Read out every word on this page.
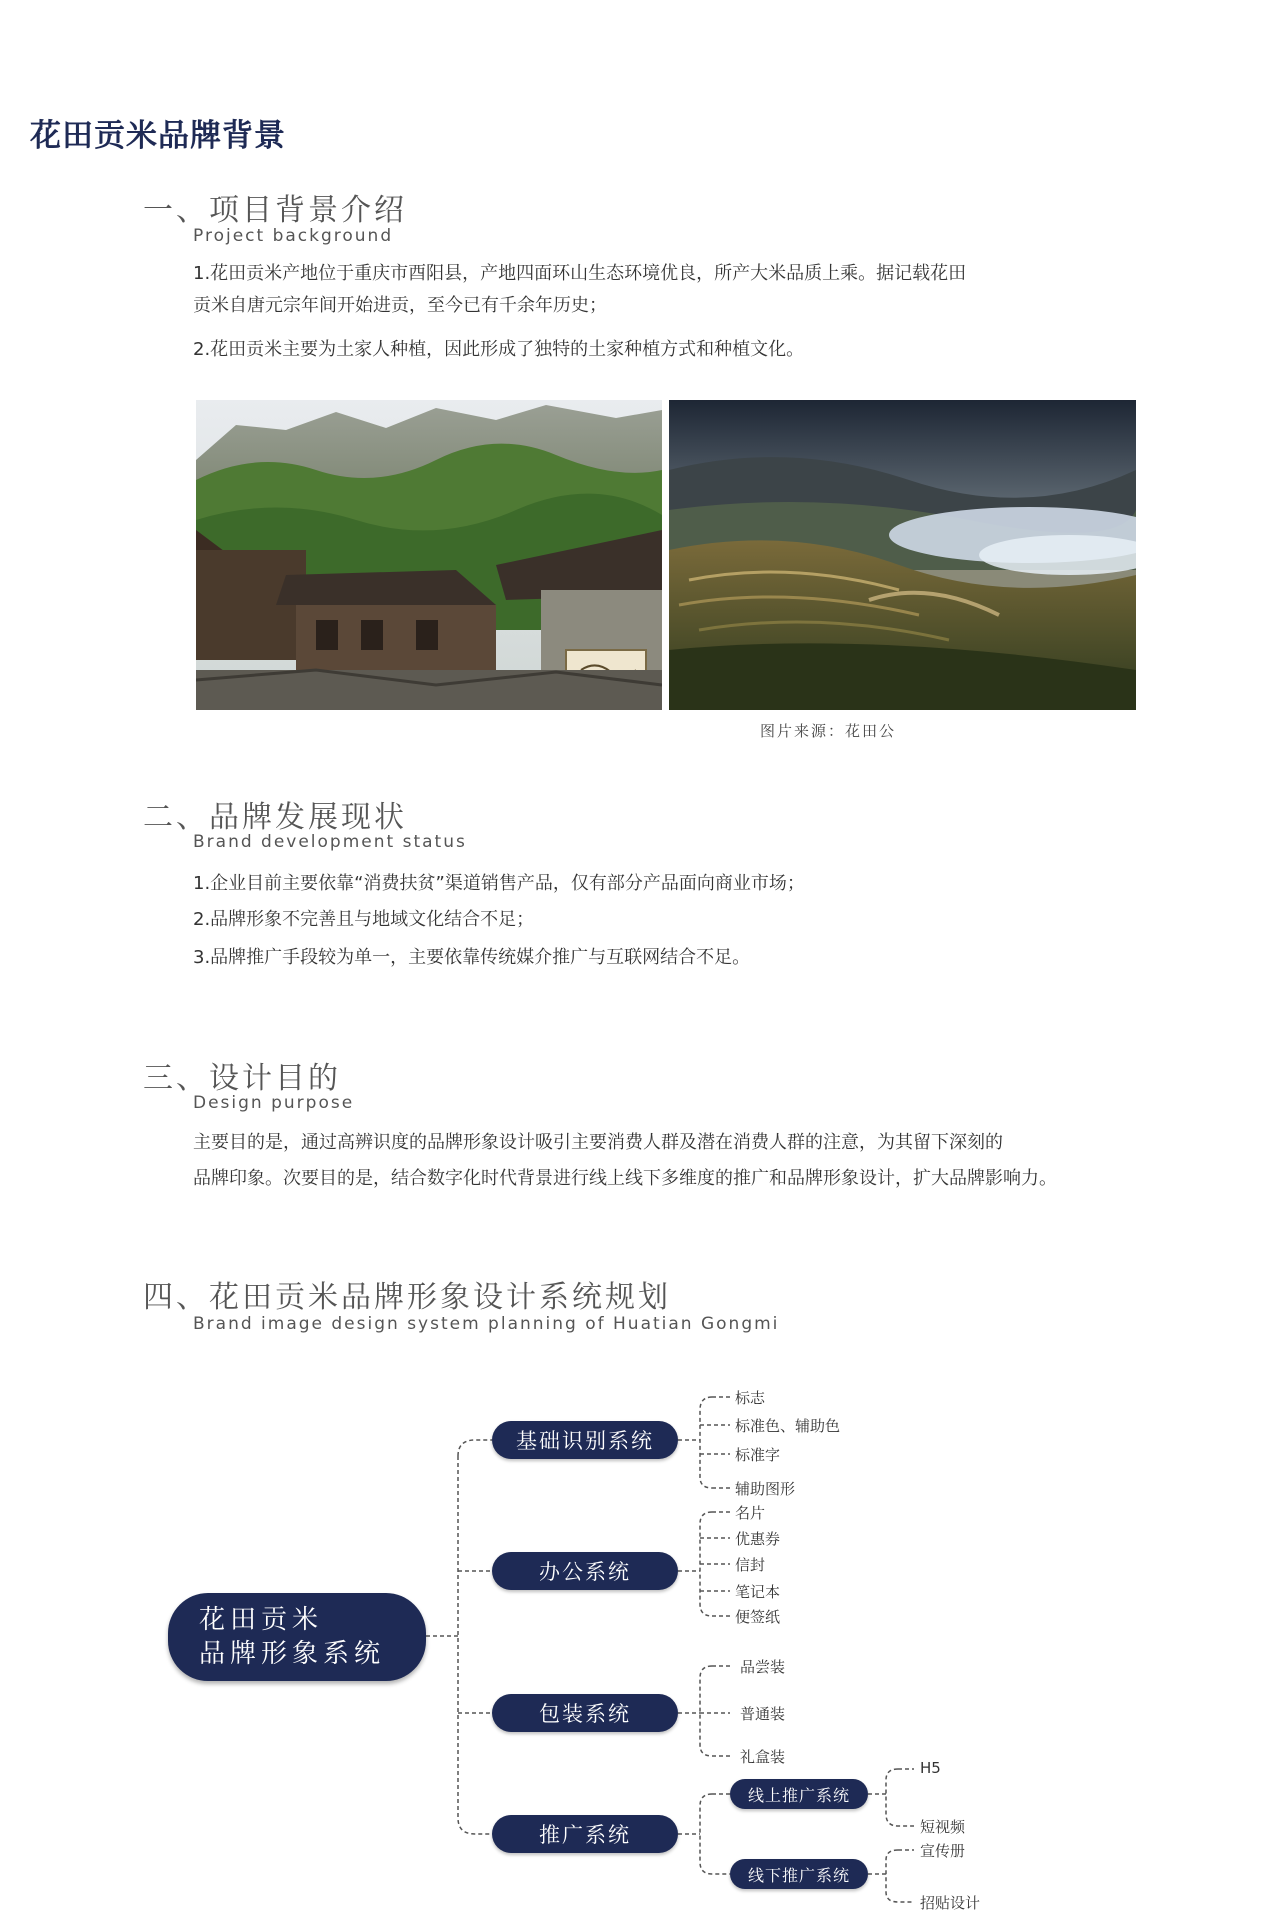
花田贡米品牌背景
一、项目背景介绍
Project background
1.花田贡米产地位于重庆市酉阳县，产地四面环山生态环境优良，所产大米品质上乘。据记载花田
贡米自唐元宗年间开始进贡，至今已有千余年历史；
2.花田贡米主要为土家人种植，因此形成了独特的土家种植方式和种植文化。
图片来源：花田公
二、品牌发展现状
Brand development status
1.企业目前主要依靠“消费扶贫”渠道销售产品，仅有部分产品面向商业市场；
2.品牌形象不完善且与地域文化结合不足；
3.品牌推广手段较为单一，主要依靠传统媒介推广与互联网结合不足。
三、设计目的
Design purpose
主要目的是，通过高辨识度的品牌形象设计吸引主要消费人群及潜在消费人群的注意，为其留下深刻的
品牌印象。次要目的是，结合数字化时代背景进行线上线下多维度的推广和品牌形象设计，扩大品牌影响力。
四、花田贡米品牌形象设计系统规划
Brand image design system planning of Huatian Gongmi
花田贡米
品牌形象系统
基础识别系统
办公系统
包装系统
推广系统
线上推广系统
线下推广系统
标志
标准色、辅助色
标准字
辅助图形
名片
优惠券
信封
笔记本
便签纸
品尝装
普通装
礼盒装
H5
短视频
宣传册
招贴设计
